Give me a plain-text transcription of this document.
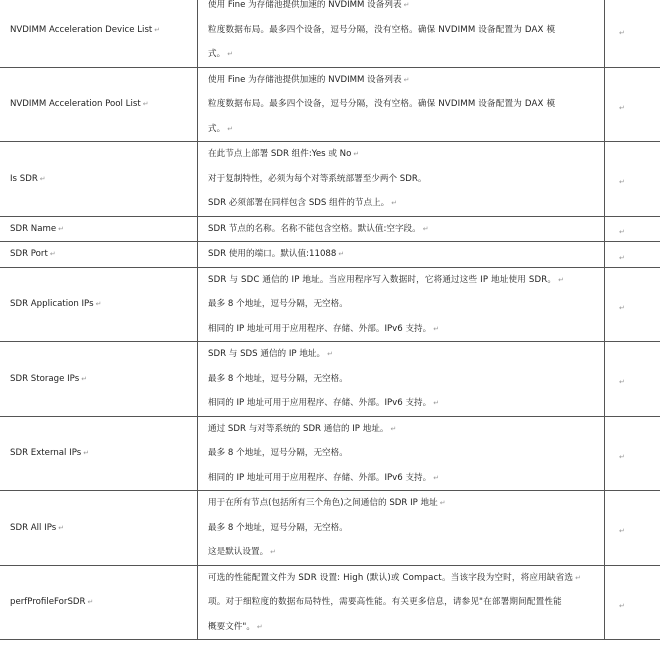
NVDIMM Acceleration Device List ↵	使用 Fine 为存储池提供加速的 NVDIMM 设备列表 ↵
粒度数据布局。最多四个设备，逗号分隔，没有空格。确保 NVDIMM 设备配置为 DAX 模
式。 ↵	↵
NVDIMM Acceleration Pool List ↵	使用 Fine 为存储池提供加速的 NVDIMM 设备列表 ↵
粒度数据布局。最多四个设备，逗号分隔，没有空格。确保 NVDIMM 设备配置为 DAX 模
式。 ↵	↵
Is SDR ↵	在此节点上部署 SDR 组件:Yes 或 No ↵
对于复制特性，必须为每个对等系统部署至少两个 SDR。
SDR 必须部署在同样包含 SDS 组件的节点上。 ↵	↵
SDR Name ↵	SDR 节点的名称。名称不能包含空格。默认值:空字段。 ↵	↵
SDR Port ↵	SDR 使用的端口。默认值:11088 ↵	↵
SDR Application IPs ↵	SDR 与 SDC 通信的 IP 地址。当应用程序写入数据时，它将通过这些 IP 地址使用 SDR。 ↵
最多 8 个地址，逗号分隔，无空格。
相同的 IP 地址可用于应用程序、存储、外部。IPv6 支持。 ↵	↵
SDR Storage IPs ↵	SDR 与 SDS 通信的 IP 地址。 ↵
最多 8 个地址，逗号分隔，无空格。
相同的 IP 地址可用于应用程序、存储、外部。IPv6 支持。 ↵	↵
SDR External IPs ↵	通过 SDR 与对等系统的 SDR 通信的 IP 地址。 ↵
最多 8 个地址，逗号分隔，无空格。
相同的 IP 地址可用于应用程序、存储、外部。IPv6 支持。 ↵	↵
SDR All IPs ↵	用于在所有节点(包括所有三个角色)之间通信的 SDR IP 地址 ↵
最多 8 个地址，逗号分隔，无空格。
这是默认设置。 ↵	↵
perfProfileForSDR ↵	可选的性能配置文件为 SDR 设置: High (默认)或 Compact。当该字段为空时，将应用缺省选 ↵
项。对于细粒度的数据布局特性，需要高性能。有关更多信息，请参见"在部署期间配置性能
概要文件"。 ↵	↵
